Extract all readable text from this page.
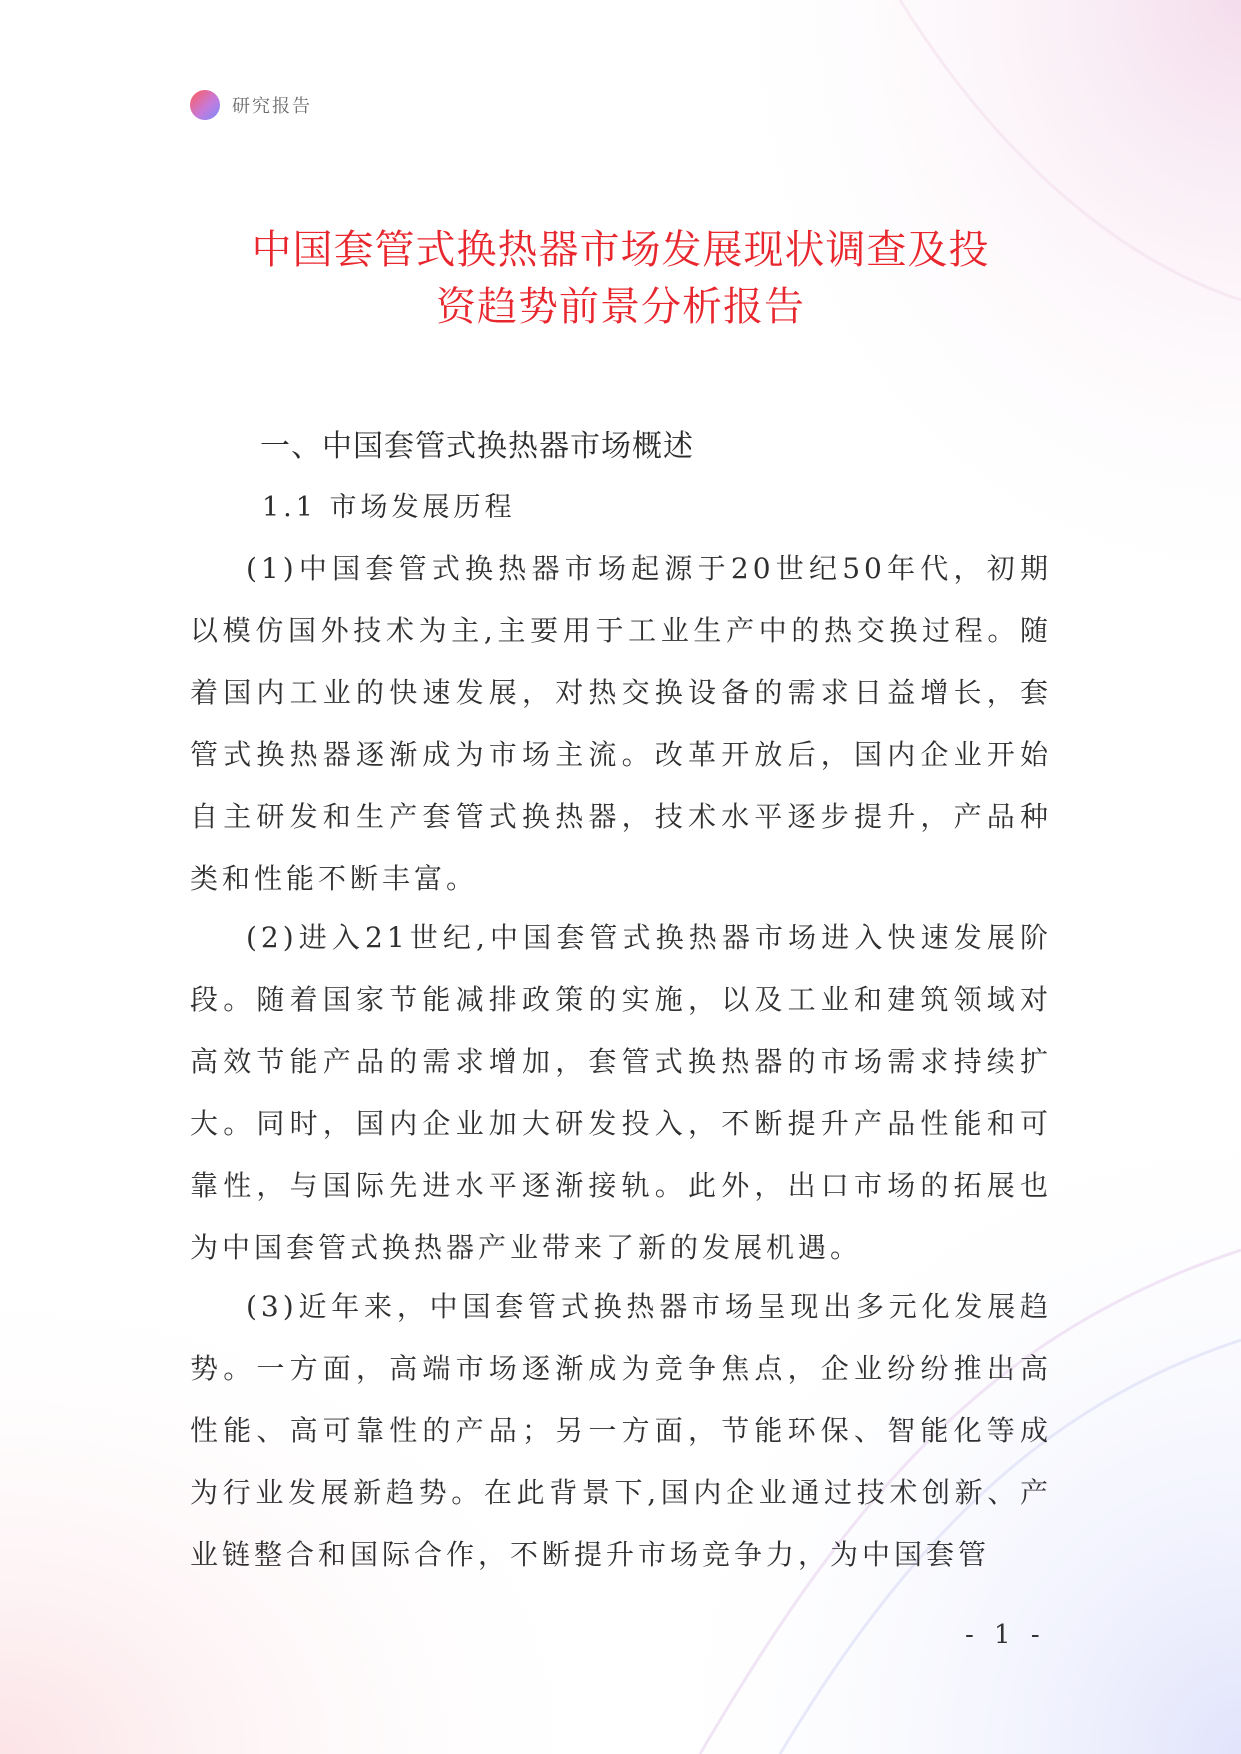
研究报告
中国套管式换热器市场发展现状调查及投
资趋势前景分析报告
一、中国套管式换热器市场概述
1.1 市场发展历程

(1)中国套管式换热器市场起源于20世纪50年代，初期以模仿国外技术为主,主要用于工业生产中的热交换过程。随着国内工业的快速发展，对热交换设备的需求日益增长，套管式换热器逐渐成为市场主流。改革开放后，国内企业开始自主研发和生产套管式换热器，技术水平逐步提升，产品种类和性能不断丰富。

(2)进入21世纪,中国套管式换热器市场进入快速发展阶段。随着国家节能减排政策的实施，以及工业和建筑领域对高效节能产品的需求增加，套管式换热器的市场需求持续扩大。同时，国内企业加大研发投入，不断提升产品性能和可靠性，与国际先进水平逐渐接轨。此外，出口市场的拓展也为中国套管式换热器产业带来了新的发展机遇。

(3)近年来，中国套管式换热器市场呈现出多元化发展趋势。一方面，高端市场逐渐成为竞争焦点，企业纷纷推出高性能、高可靠性的产品；另一方面，节能环保、智能化等成为行业发展新趋势。在此背景下,国内企业通过技术创新、产业链整合和国际合作，不断提升市场竞争力，为中国套管

- 1 -
